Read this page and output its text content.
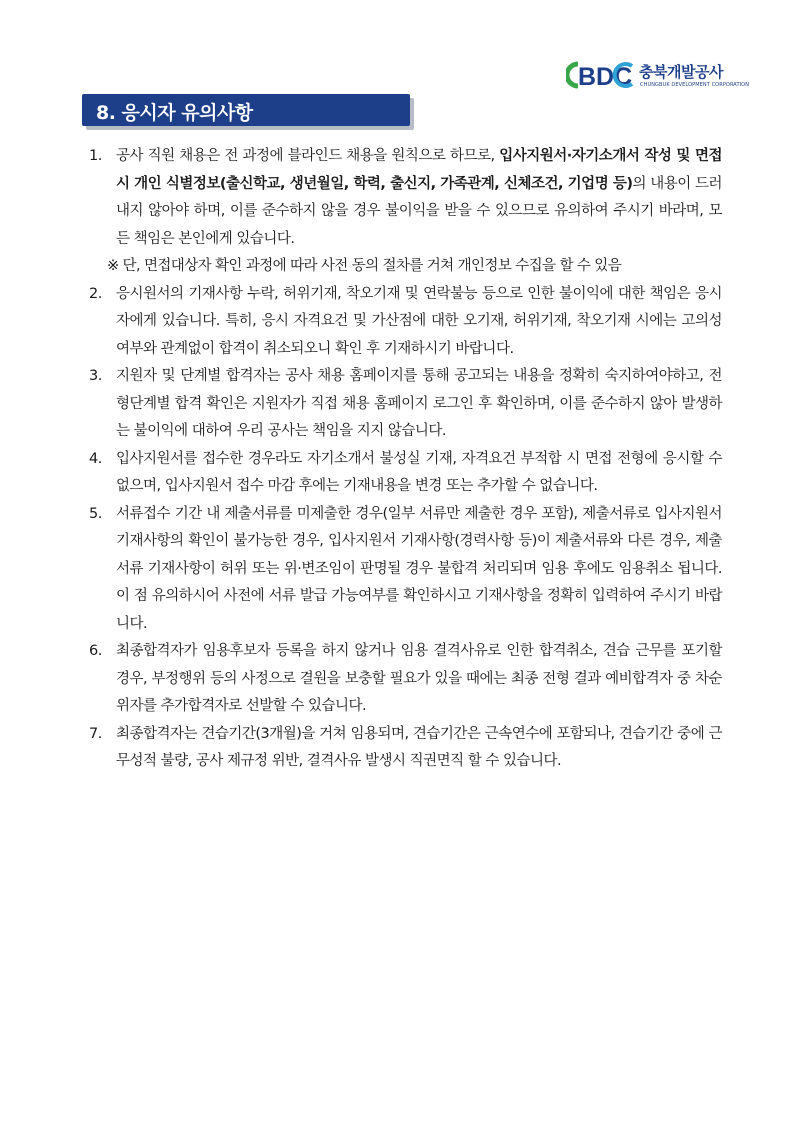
BDC 충북개발공사
CHUNGBUK DEVELOPMENT CORPORATION
8. 응시자 유의사항
1. 공사 직원 채용은 전 과정에 블라인드 채용을 원칙으로 하므로, 입사지원서·자기소개서 작성 및 면접 시 개인 식별정보(출신학교, 생년월일, 학력, 출신지, 가족관계, 신체조건, 기업명 등)의 내용이 드러내지 않아야 하며, 이를 준수하지 않을 경우 불이익을 받을 수 있으므로 유의하여 주시기 바라며, 모든 책임은 본인에게 있습니다.
※ 단, 면접대상자 확인 과정에 따라 사전 동의 절차를 거쳐 개인정보 수집을 할 수 있음
2. 응시원서의 기재사항 누락, 허위기재, 착오기재 및 연락불능 등으로 인한 불이익에 대한 책임은 응시자에게 있습니다. 특히, 응시 자격요건 및 가산점에 대한 오기재, 허위기재, 착오기재 시에는 고의성 여부와 관계없이 합격이 취소되오니 확인 후 기재하시기 바랍니다.
3. 지원자 및 단계별 합격자는 공사 채용 홈페이지를 통해 공고되는 내용을 정확히 숙지하여야하고, 전형단계별 합격 확인은 지원자가 직접 채용 홈페이지 로그인 후 확인하며, 이를 준수하지 않아 발생하는 불이익에 대하여 우리 공사는 책임을 지지 않습니다.
4. 입사지원서를 접수한 경우라도 자기소개서 불성실 기재, 자격요건 부적합 시 면접 전형에 응시할 수 없으며, 입사지원서 접수 마감 후에는 기재내용을 변경 또는 추가할 수 없습니다.
5. 서류접수 기간 내 제출서류를 미제출한 경우(일부 서류만 제출한 경우 포함), 제출서류로 입사지원서 기재사항의 확인이 불가능한 경우, 입사지원서 기재사항(경력사항 등)이 제출서류와 다른 경우, 제출서류 기재사항이 허위 또는 위·변조임이 판명될 경우 불합격 처리되며 임용 후에도 임용취소 됩니다. 이 점 유의하시어 사전에 서류 발급 가능여부를 확인하시고 기재사항을 정확히 입력하여 주시기 바랍니다.
6. 최종합격자가 임용후보자 등록을 하지 않거나 임용 결격사유로 인한 합격취소, 견습 근무를 포기할 경우, 부정행위 등의 사정으로 결원을 보충할 필요가 있을 때에는 최종 전형 결과 예비합격자 중 차순위자를 추가합격자로 선발할 수 있습니다.
7. 최종합격자는 견습기간(3개월)을 거쳐 임용되며, 견습기간은 근속연수에 포함되나, 견습기간 중에 근무성적 불량, 공사 제규정 위반, 결격사유 발생시 직권면직 할 수 있습니다.
